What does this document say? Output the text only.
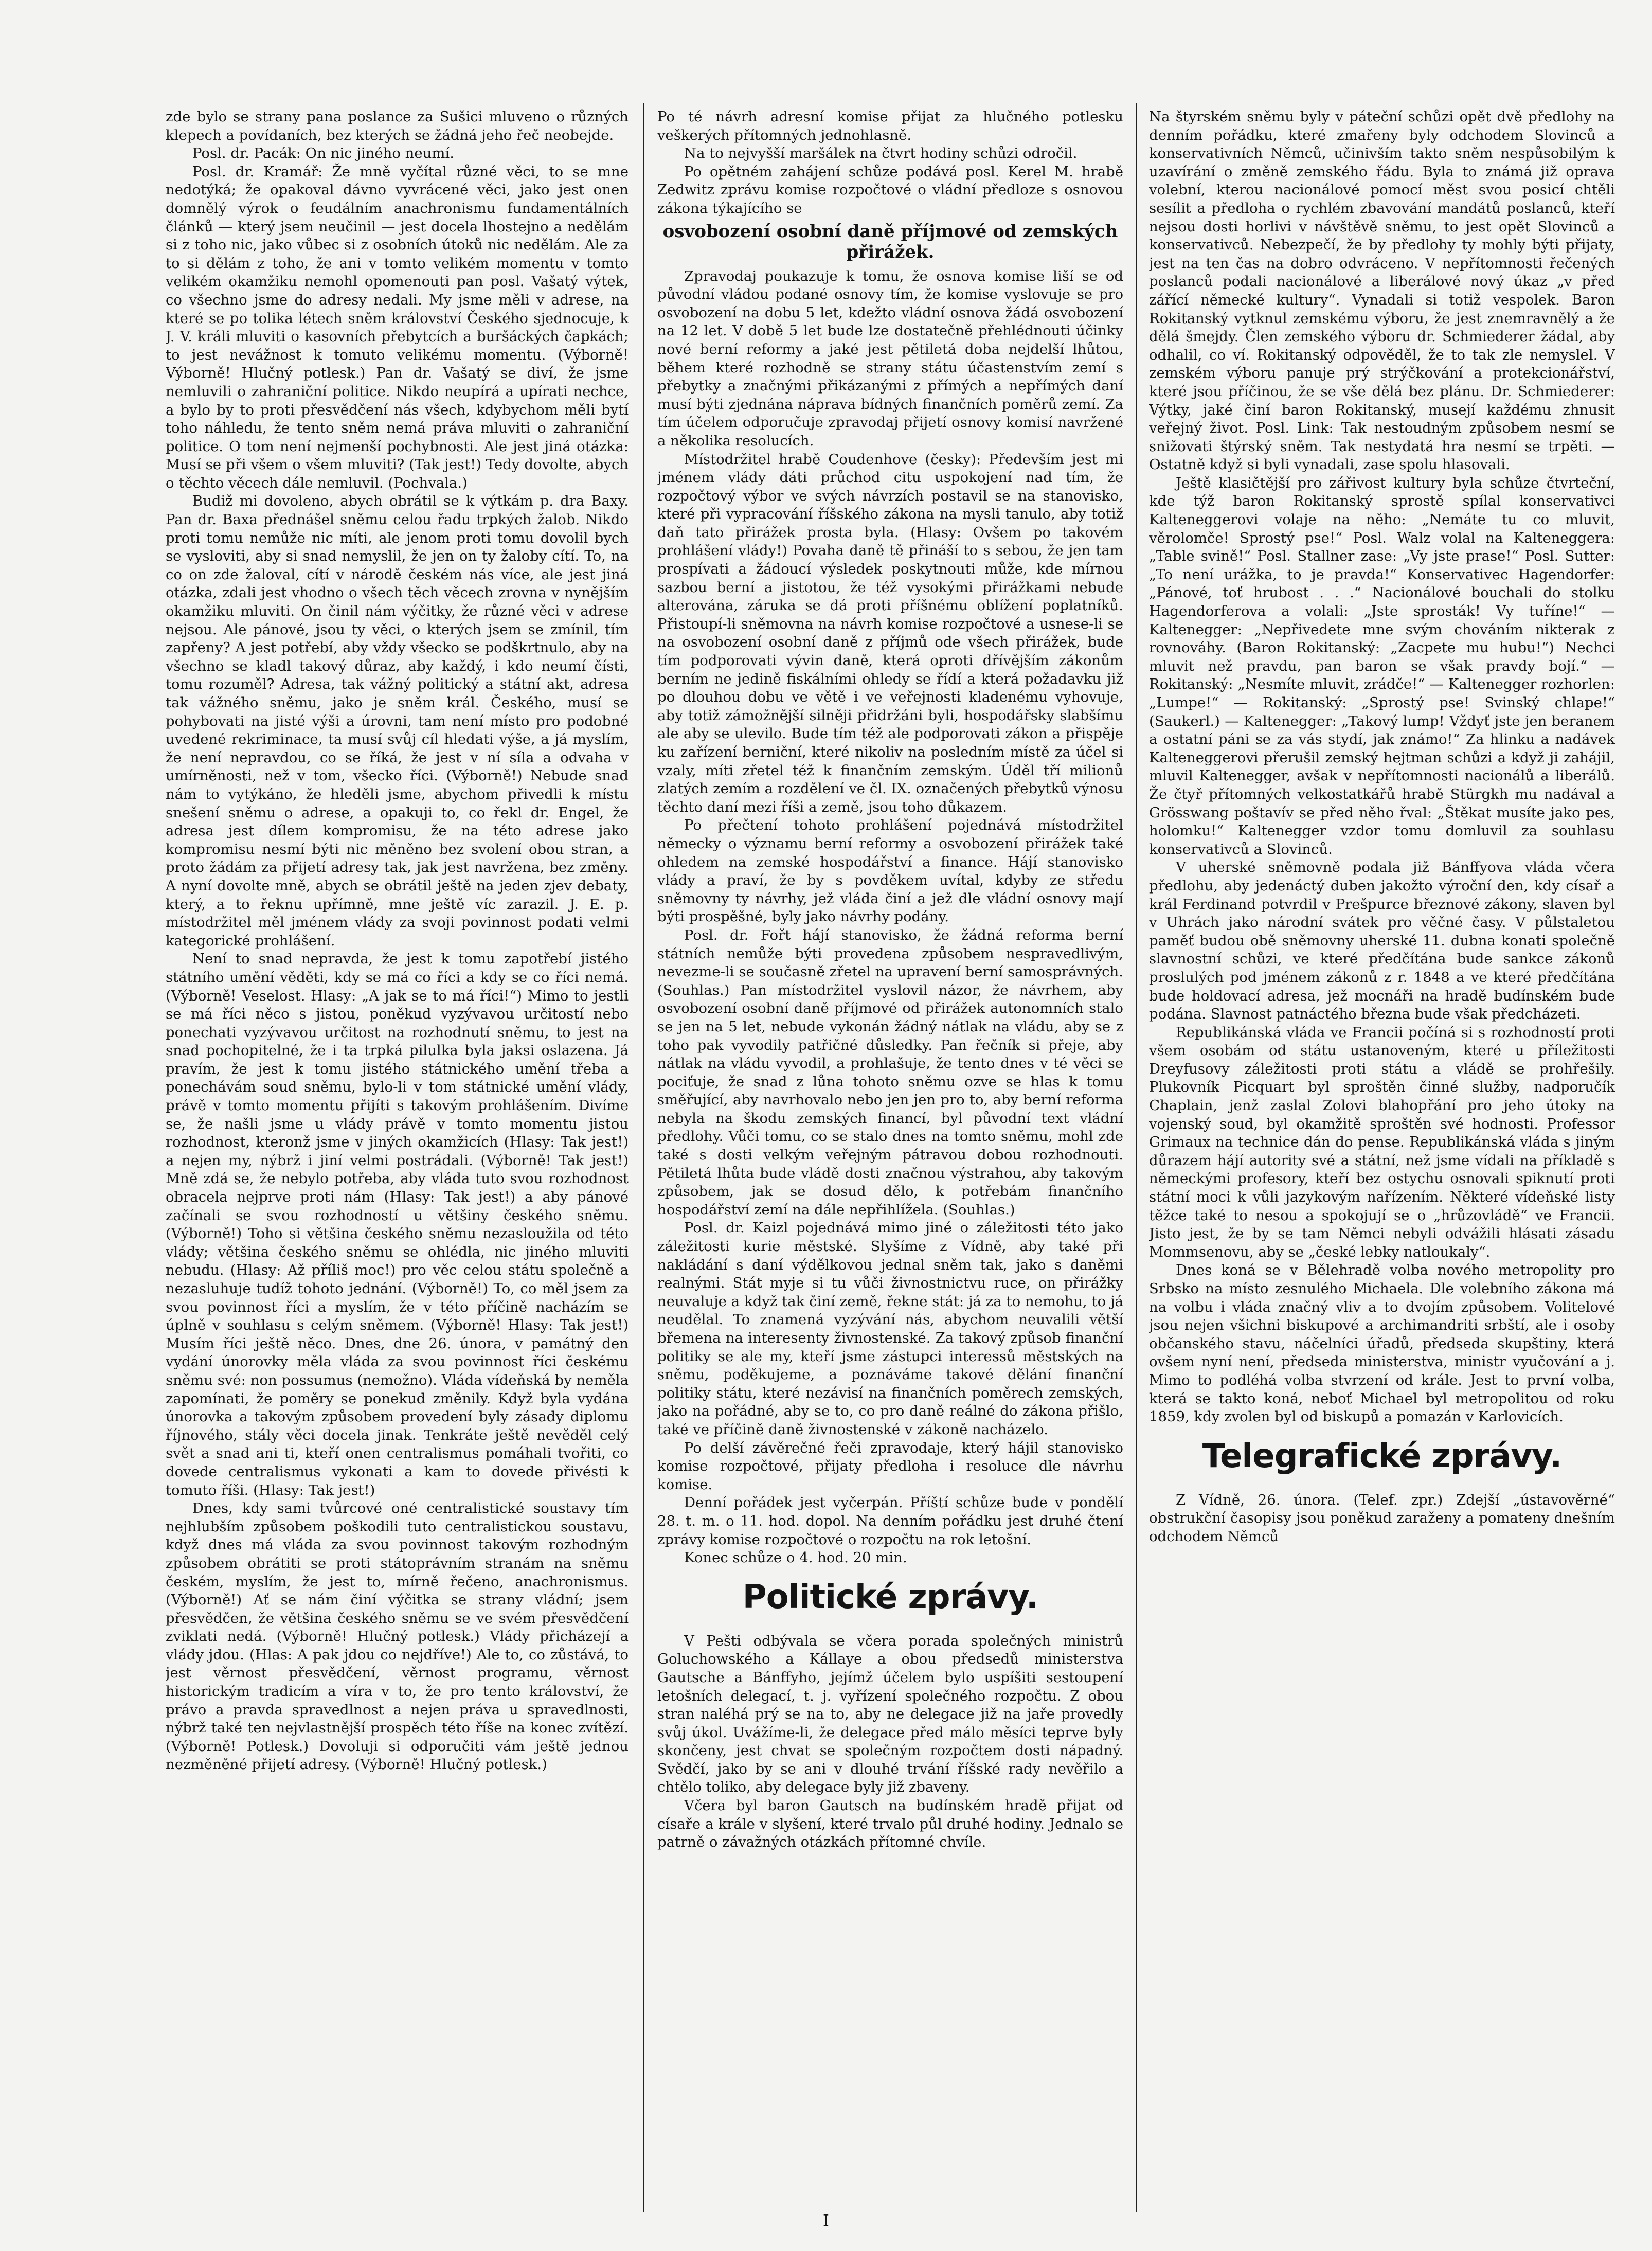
zde bylo se strany pana poslance za Sušici mluveno o různých klepech a povídaních, bez kterých se žádná jeho řeč neobejde.

Posl. dr. Pacák: On nic jiného neumí.

Posl. dr. Kramář: Že mně vyčítal různé věci, to se mne nedotýká; že opakoval dávno vyvrácené věci, jako jest onen domnělý výrok o feudálním anachronismu fundamentálních článků — který jsem neučinil — jest docela lhostejno a nedělám si z toho nic, jako vůbec si z osobních útoků nic nedělám. Ale za to si dělám z toho, že ani v tomto velikém momentu v tomto velikém okamžiku nemohl opomenouti pan posl. Vašatý výtek, co všechno jsme do adresy nedali. My jsme měli v adrese, na které se po tolika létech sněm království Českého sjednocuje, k J. V. králi mluviti o kasovních přebytcích a buršáckých čapkách; to jest nevážnost k tomuto velikému momentu. (Výborně! Výborně! Hlučný potlesk.) Pan dr. Vašatý se diví, že jsme nemluvili o zahraniční politice. Nikdo neupírá a upírati nechce, a bylo by to proti přesvědčení nás všech, kdybychom měli bytí toho náhledu, že tento sněm nemá práva mluviti o zahraniční politice. O tom není nejmenší pochybnosti. Ale jest jiná otázka: Musí se při všem o všem mluviti? (Tak jest!) Tedy dovolte, abych o těchto věcech dále nemluvil. (Pochvala.)

Budiž mi dovoleno, abych obrátil se k výtkám p. dra Baxy. Pan dr. Baxa přednášel sněmu celou řadu trpkých žalob. Nikdo proti tomu nemůže nic míti, ale jenom proti tomu dovolil bych se vysloviti, aby si snad nemyslil, že jen on ty žaloby cítí. To, na co on zde žaloval, cítí v národě českém nás více, ale jest jiná otázka, zdali jest vhodno o všech těch věcech zrovna v nynějším okamžiku mluviti. On činil nám výčitky, že různé věci v adrese nejsou. Ale pánové, jsou ty věci, o kterých jsem se zmínil, tím zapřeny? A jest potřebí, aby vždy všecko se podškrtnulo, aby na všechno se kladl takový důraz, aby každý, i kdo neumí čísti, tomu rozuměl? Adresa, tak vážný politický a státní akt, adresa tak vážného sněmu, jako je sněm král. Českého, musí se pohybovati na jisté výši a úrovni, tam není místo pro podobné uvedené rekriminace, ta musí svůj cíl hledati výše, a já myslím, že není nepravdou, co se říká, že jest v ní síla a odvaha v umírněnosti, než v tom, všecko říci. (Výborně!) Nebude snad nám to vytýkáno, že hleděli jsme, abychom přivedli k místu snešení sněmu o adrese, a opakuji to, co řekl dr. Engel, že adresa jest dílem kompromisu, že na této adrese jako kompromisu nesmí býti nic měněno bez svolení obou stran, a proto žádám za přijetí adresy tak, jak jest navržena, bez změny. A nyní dovolte mně, abych se obrátil ještě na jeden zjev debaty, který, a to řeknu upřímně, mne ještě víc zarazil. J. E. p. místodržitel měl jménem vlády za svoji povinnost podati velmi kategorické prohlášení.

Není to snad nepravda, že jest k tomu zapotřebí jistého státního umění věděti, kdy se má co říci a kdy se co říci nemá. (Výborně! Veselost. Hlasy: „A jak se to má říci!“) Mimo to jestli se má říci něco s jistou, poněkud vyzývavou určitostí nebo ponechati vyzývavou určitost na rozhodnutí sněmu, to jest na snad pochopitelné, že i ta trpká pilulka byla jaksi oslazena. Já pravím, že jest k tomu jistého státnického umění třeba a ponechávám soud sněmu, bylo-li v tom státnické umění vlády, právě v tomto momentu přijíti s takovým prohlášením. Divíme se, že našli jsme u vlády právě v tomto momentu jistou rozhodnost, kteronž jsme v jiných okamžicích (Hlasy: Tak jest!) a nejen my, nýbrž i jiní velmi postrádali. (Výborně! Tak jest!) Mně zdá se, že nebylo potřeba, aby vláda tuto svou rozhodnost obracela nejprve proti nám (Hlasy: Tak jest!) a aby pánové začínali se svou rozhodností u většiny českého sněmu. (Výborně!) Toho si většina českého sněmu nezasloužila od této vlády; většina českého sněmu se ohlédla, nic jiného mluviti nebudu. (Hlasy: Až příliš moc!) pro věc celou státu společně a nezasluhuje tudíž tohoto jednání. (Výborně!) To, co měl jsem za svou povinnost říci a myslím, že v této příčině nacházím se úplně v souhlasu s celým sněmem. (Výborně! Hlasy: Tak jest!) Musím říci ještě něco. Dnes, dne 26. února, v památný den vydání únorovky měla vláda za svou povinnost říci českému sněmu své: non possumus (nemožno). Vláda vídeňská by neměla zapomínati, že poměry se ponekud změnily. Když byla vydána únorovka a takovým způsobem provedení byly zásady diplomu říjnového, stály věci docela jinak. Tenkráte ještě nevěděl celý svět a snad ani ti, kteří onen centralismus pomáhali tvořiti, co dovede centralismus vykonati a kam to dovede přivésti k tomuto říši. (Hlasy: Tak jest!)

Dnes, kdy sami tvůrcové oné centralistické soustavy tím nejhlubším způsobem poškodili tuto centralistickou soustavu, když dnes má vláda za svou povinnost takovým rozhodným způsobem obrátiti se proti státoprávním stranám na sněmu českém, myslím, že jest to, mírně řečeno, anachronismus. (Výborně!) Ať se nám činí výčitka se strany vládní; jsem přesvědčen, že většina českého sněmu se ve svém přesvědčení zviklati nedá. (Výborně! Hlučný potlesk.) Vlády přicházejí a vlády jdou. (Hlas: A pak jdou co nejdříve!) Ale to, co zůstává, to jest věrnost přesvědčení, věrnost programu, věrnost historickým tradicím a víra v to, že pro tento království, že právo a pravda spravedlnost a nejen práva u spravedlnosti, nýbrž také ten nejvlastnější prospěch této říše na konec zvítězí. (Výborně! Potlesk.) Dovoluji si odporučiti vám ještě jednou nezměněné přijetí adresy. (Výborně! Hlučný potlesk.)

Po té návrh adresní komise přijat za hlučného potlesku veškerých přítomných jednohlasně.

Na to nejvyšší maršálek na čtvrt hodiny schůzi odročil.

Po opětném zahájení schůze podává posl. Kerel M. hrabě Zedwitz zprávu komise rozpočtové o vládní předloze s osnovou zákona týkajícího se

osvobození osobní daně příjmové od zemských přirážek.

Zpravodaj poukazuje k tomu, že osnova komise liší se od původní vládou podané osnovy tím, že komise vyslovuje se pro osvobození na dobu 5 let, kdežto vládní osnova žádá osvobození na 12 let. V době 5 let bude lze dostatečně přehlédnouti účinky nové berní reformy a jaké jest pětiletá doba nejdelší lhůtou, během které rozhodně se strany státu účastenstvím zemí s přebytky a značnými přikázanými z přímých a nepřímých daní musí býti zjednána náprava bídných finančních poměrů zemí. Za tím účelem odporučuje zpravodaj přijetí osnovy komisí navržené a několika resolucích.

Místodržitel hrabě Coudenhove (česky): Především jest mi jménem vlády dáti průchod citu uspokojení nad tím, že rozpočtový výbor ve svých návrzích postavil se na stanovisko, které při vypracování říšského zákona na mysli tanulo, aby totiž daň tato přirážek prosta byla. (Hlasy: Ovšem po takovém prohlášení vlády!) Povaha daně tě přináší to s sebou, že jen tam prospívati a žádoucí výsledek poskytnouti může, kde mírnou sazbou berní a jistotou, že též vysokými přirážkami nebude alterována, záruka se dá proti příšnému oblížení poplatníků. Přistoupí-li sněmovna na návrh komise rozpočtové a usnese-li se na osvobození osobní daně z příjmů ode všech přirážek, bude tím podporovati vývin daně, která oproti dřívějším zákonům berním ne jedině fiskálními ohledy se řídí a která požadavku již po dlouhou dobu ve větě i ve veřejnosti kladenému vyhovuje, aby totiž zámožnější silněji přidržáni byli, hospodářsky slabšímu ale aby se ulevilo. Bude tím též ale podporovati zákon a přispěje ku zařízení berniční, které nikoliv na posledním místě za účel si vzaly, míti zřetel též k finančním zemským. Úděl tří milionů zlatých zemím a rozdělení ve čl. IX. označených přebytků výnosu těchto daní mezi říši a země, jsou toho důkazem.

Po přečtení tohoto prohlášení pojednává místodržitel německy o významu berní reformy a osvobození přirážek také ohledem na zemské hospodářství a finance. Hájí stanovisko vlády a praví, že by s povděkem uvítal, kdyby ze středu sněmovny ty návrhy, jež vláda činí a jež dle vládní osnovy mají býti prospěšné, byly jako návrhy podány.

Posl. dr. Fořt hájí stanovisko, že žádná reforma berní státních nemůže býti provedena způsobem nespravedlivým, nevezme-li se současně zřetel na upravení berní samosprávných. (Souhlas.) Pan místodržitel vyslovil názor, že návrhem, aby osvobození osobní daně příjmové od přirážek autonomních stalo se jen na 5 let, nebude vykonán žádný nátlak na vládu, aby se z toho pak vyvodily patřičné důsledky. Pan řečník si přeje, aby nátlak na vládu vyvodil, a prohlašuje, že tento dnes v té věci se pociťuje, že snad z lůna tohoto sněmu ozve se hlas k tomu směřující, aby navrhovalo nebo jen jen pro to, aby berní reforma nebyla na škodu zemských financí, byl původní text vládní předlohy. Vůči tomu, co se stalo dnes na tomto sněmu, mohl zde také s dosti velkým veřejným pátravou dobou rozhodnouti. Pětiletá lhůta bude vládě dosti značnou výstrahou, aby takovým způsobem, jak se dosud dělo, k potřebám finančního hospodářství zemí na dále nepřihlížela. (Souhlas.)

Posl. dr. Kaizl pojednává mimo jiné o záležitosti této jako záležitosti kurie městské. Slyšíme z Vídně, aby také při nakládání s daní výdělkovou jednal sněm tak, jako s daněmi realnými. Stát myje si tu vůči živnostnictvu ruce, on přirážky neuvaluje a když tak činí země, řekne stát: já za to nemohu, to já neudělal. To znamená vyzývání nás, abychom neuvalili větší břemena na interesenty živnostenské. Za takový způsob finanční politiky se ale my, kteří jsme zástupci interessů městských na sněmu, poděkujeme, a poznáváme takové dělání finanční politiky státu, které nezávisí na finančních poměrech zemských, jako na pořádné, aby se to, co pro daně reálné do zákona přišlo, také ve příčině daně živnostenské v zákoně nacházelo.

Po delší závěrečné řeči zpravodaje, který hájil stanovisko komise rozpočtové, přijaty předloha i resoluce dle návrhu komise.

Denní pořádek jest vyčerpán. Příští schůze bude v pondělí 28. t. m. o 11. hod. dopol. Na denním pořádku jest druhé čtení zprávy komise rozpočtové o rozpočtu na rok letošní.

Konec schůze o 4. hod. 20 min.

Politické zprávy.

V Pešti odbývala se včera porada společných ministrů Goluchowského a Kállaye a obou předsedů ministerstva Gautsche a Bánffyho, jejímž účelem bylo uspíšiti sestoupení letošních delegací, t. j. vyřízení společného rozpočtu. Z obou stran naléhá prý se na to, aby ne delegace již na jaře provedly svůj úkol. Uvážíme-li, že delegace před málo měsíci teprve byly skončeny, jest chvat se společným rozpočtem dosti nápadný. Svědčí, jako by se ani v dlouhé trvání říšské rady nevěřilo a chtělo toliko, aby delegace byly již zbaveny.

Včera byl baron Gautsch na budínském hradě přijat od císaře a krále v slyšení, které trvalo půl druhé hodiny. Jednalo se patrně o závažných otázkách přítomné chvíle.

Na štyrském sněmu byly v páteční schůzi opět dvě předlohy na denním pořádku, které zmařeny byly odchodem Slovinců a konservativních Němců, učinivším takto sněm nespůsobilým k uzavírání o změně zemského řádu. Byla to známá již oprava volební, kterou nacionálové pomocí měst svou posicí chtěli sesílit a předloha o rychlém zbavování mandátů poslanců, kteří nejsou dosti horlivi v návštěvě sněmu, to jest opět Slovinců a konservativců. Nebezpečí, že by předlohy ty mohly býti přijaty, jest na ten čas na dobro odvráceno. V nepřítomnosti řečených poslanců podali nacionálové a liberálové nový úkaz „v před zářící německé kultury“. Vynadali si totiž vespolek. Baron Rokitanský vytknul zemskému výboru, že jest znemravnělý a že dělá šmejdy. Člen zemského výboru dr. Schmiederer žádal, aby odhalil, co ví. Rokitanský odpověděl, že to tak zle nemyslel. V zemském výboru panuje prý strýčkování a protekcionářství, které jsou příčinou, že se vše dělá bez plánu. Dr. Schmiederer: Výtky, jaké činí baron Rokitanský, musejí každému zhnusit veřejný život. Posl. Link: Tak nestoudným způsobem nesmí se snižovati štýrský sněm. Tak nestydatá hra nesmí se trpěti. — Ostatně když si byli vynadali, zase spolu hlasovali.

Ještě klasičtější pro zářivost kultury byla schůze čtvrteční, kde týž baron Rokitanský sprostě spílal konservativci Kalteneggerovi volaje na něho: „Nemáte tu co mluvit, věrolomče! Sprostý pse!“ Posl. Walz volal na Kalteneggera: „Table svině!“ Posl. Stallner zase: „Vy jste prase!“ Posl. Sutter: „To není urážka, to je pravda!“ Konservativec Hagendorfer: „Pánové, toť hrubost . . .“ Nacionálové bouchali do stolku Hagendorferova a volali: „Jste sprosták! Vy tuříne!“ — Kaltenegger: „Nepřivedete mne svým chováním nikterak z rovnováhy. (Baron Rokitanský: „Zacpete mu hubu!“) Nechci mluvit než pravdu, pan baron se však pravdy bojí.“ — Rokitanský: „Nesmíte mluvit, zrádče!“ — Kaltenegger rozhorlen: „Lumpe!“ — Rokitanský: „Sprostý pse! Svinský chlape!“ (Saukerl.) — Kaltenegger: „Takový lump! Vždyť jste jen beranem a ostatní páni se za vás stydí, jak známo!“ Za hlinku a nadávek Kalteneggerovi přerušil zemský hejtman schůzi a když ji zahájil, mluvil Kaltenegger, avšak v nepřítomnosti nacionálů a liberálů. Že čtyř přítomných velkostatkářů hrabě Stürgkh mu nadával a Grösswang poštavív se před něho řval: „Štěkat musíte jako pes, holomku!“ Kaltenegger vzdor tomu domluvil za souhlasu konservativců a Slovinců.

V uherské sněmovně podala již Bánffyova vláda včera předlohu, aby jedenáctý duben jakožto výroční den, kdy císař a král Ferdinand potvrdil v Prešpurce březnové zákony, slaven byl v Uhrách jako národní svátek pro věčné časy. V půlstaletou paměť budou obě sněmovny uherské 11. dubna konati společně slavnostní schůzi, ve které předčítána bude sankce zákonů proslulých pod jménem zákonů z r. 1848 a ve které předčítána bude holdovací adresa, jež mocnáři na hradě budínském bude podána. Slavnost patnáctého března bude však předcházeti.

Republikánská vláda ve Francii počíná si s rozhodností proti všem osobám od státu ustanoveným, které u příležitosti Dreyfusovy záležitosti proti státu a vládě se prohřešily. Plukovník Picquart byl sproštěn činné služby, nadporučík Chaplain, jenž zaslal Zolovi blahopřání pro jeho útoky na vojenský soud, byl okamžitě sproštěn své hodnosti. Professor Grimaux na technice dán do pense. Republikánská vláda s jiným důrazem hájí autority své a státní, než jsme vídali na příkladě s německými profesory, kteří bez ostychu osnovali spiknutí proti státní moci k vůli jazykovým nařízením. Některé vídeňské listy těžce také to nesou a spokojují se o „hrůzovládě“ ve Francii. Jisto jest, že by se tam Němci nebyli odvážili hlásati zásadu Mommsenovu, aby se „české lebky natloukaly“.

Dnes koná se v Bělehradě volba nového metropolity pro Srbsko na místo zesnulého Michaela. Dle volebního zákona má na volbu i vláda značný vliv a to dvojím způsobem. Volitelové jsou nejen všichni biskupové a archimandriti srbští, ale i osoby občanského stavu, náčelníci úřadů, předseda skupštiny, která ovšem nyní není, předseda ministerstva, ministr vyučování a j. Mimo to podléhá volba stvrzení od krále. Jest to první volba, která se takto koná, neboť Michael byl metropolitou od roku 1859, kdy zvolen byl od biskupů a pomazán v Karlovicích.

Telegrafické zprávy.

Z Vídně, 26. února. (Telef. zpr.) Zdejší „ústavověrné“ obstrukční časopisy jsou poněkud zaraženy a pomateny dnešním odchodem Němců

I
